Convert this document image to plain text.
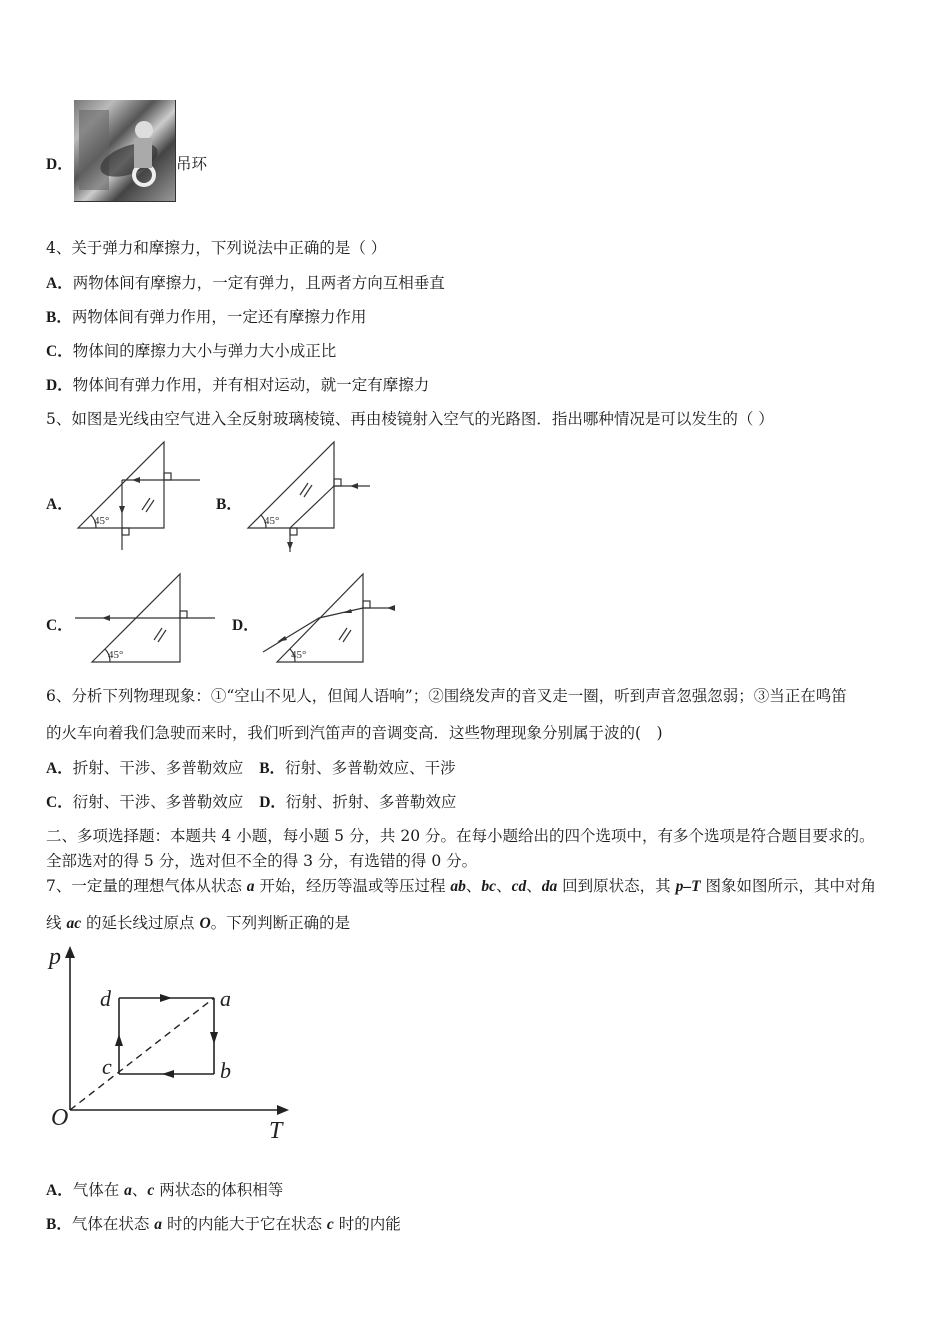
D．	吊环
4、关于弹力和摩擦力，下列说法中正确的是（ ）
A．两物体间有摩擦力，一定有弹力，且两者方向互相垂直
B．两物体间有弹力作用，一定还有摩擦力作用
C．物体间的摩擦力大小与弹力大小成正比
D．物体间有弹力作用，并有相对运动，就一定有摩擦力
5、如图是光线由空气进入全反射玻璃棱镜、再由棱镜射入空气的光路图．指出哪种情况是可以发生的（ ）
A．
45°
B．
45°
C．
45°
D．
45°
6、分析下列物理现象：①“空山不见人，但闻人语响”；②围绕发声的音叉走一圈，听到声音忽强忽弱；③当正在鸣笛
的火车向着我们急驶而来时，我们听到汽笛声的音调变高．这些物理现象分别属于波的(　)
A．折射、干涉、多普勒效应 B．衍射、多普勒效应、干涉
C．衍射、干涉、多普勒效应 D．衍射、折射、多普勒效应
二、多项选择题：本题共 4 小题，每小题 5 分，共 20 分。在每小题给出的四个选项中，有多个选项是符合题目要求的。
全部选对的得 5 分，选对但不全的得 3 分，有选错的得 0 分。
7、一定量的理想气体从状态 a 开始，经历等温或等压过程 ab、bc、cd、da 回到原状态，其 p–T 图象如图所示，其中对角
线 ac 的延长线过原点 O。下列判断正确的是
p
T
O
a
b
c
d
A．气体在 a、c 两状态的体积相等
B．气体在状态 a 时的内能大于它在状态 c 时的内能
